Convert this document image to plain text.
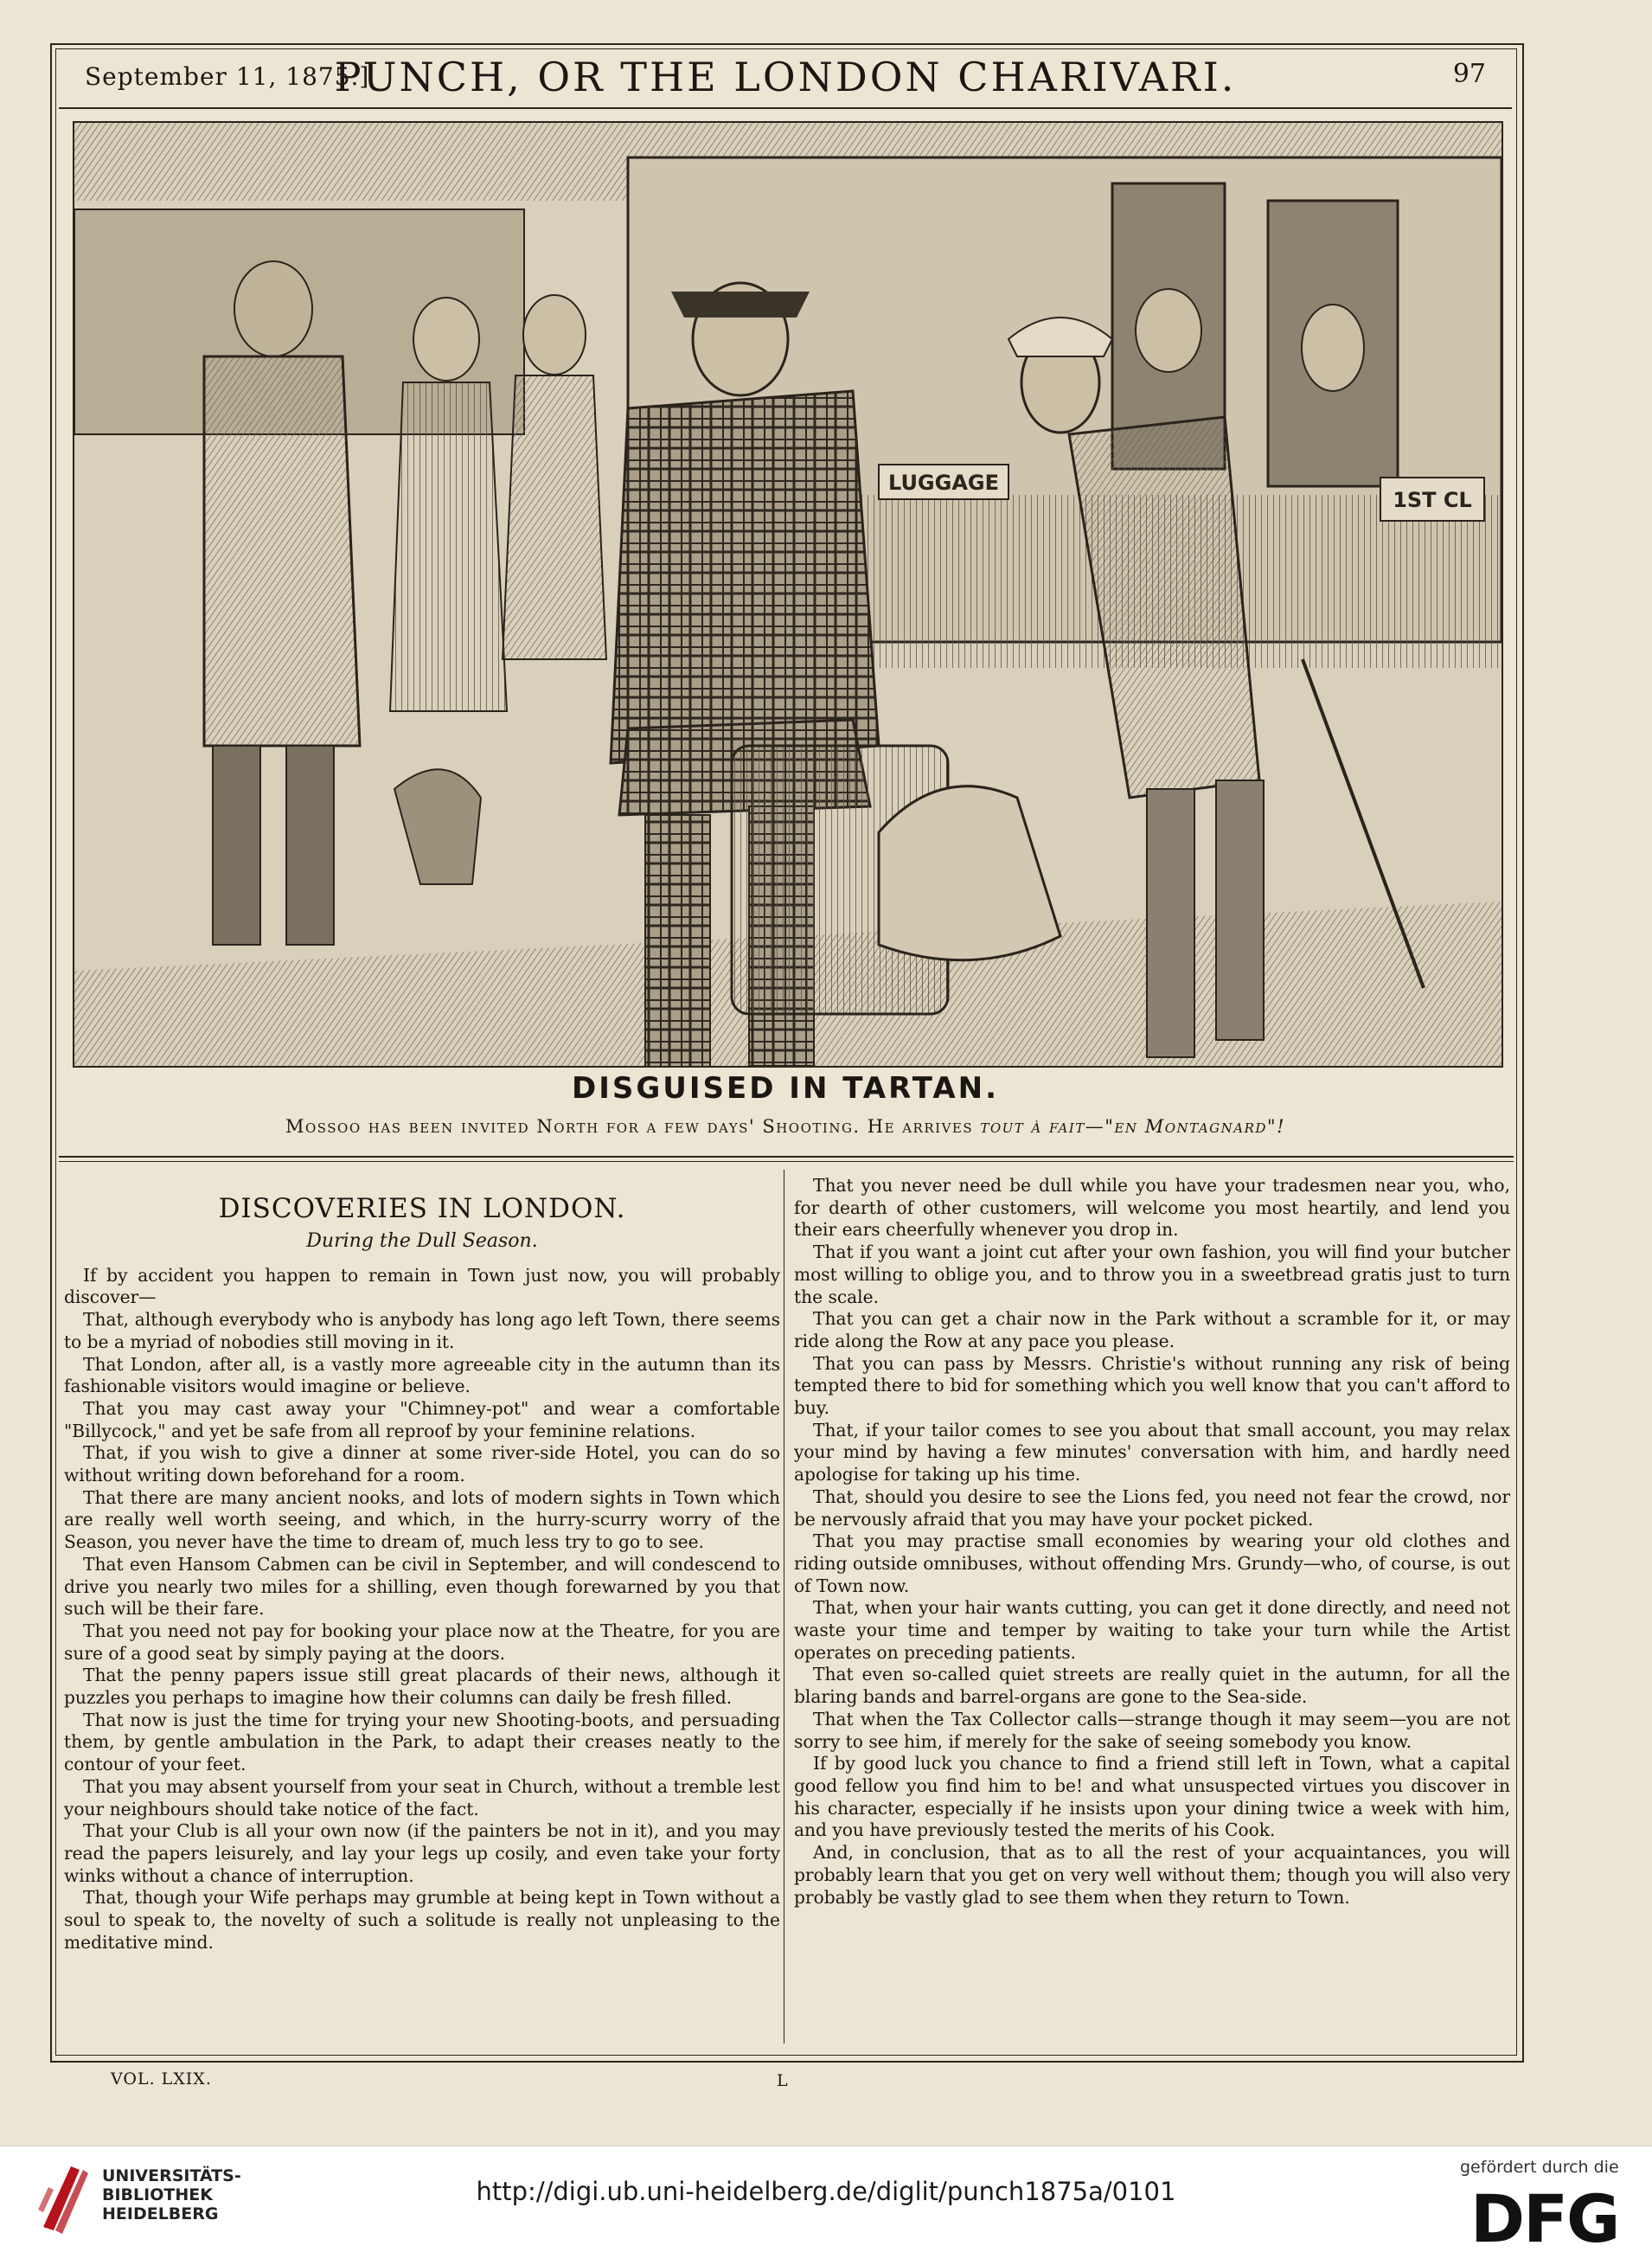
September 11, 1875.]
PUNCH, OR THE LONDON CHARIVARI.	97
LUGGAGE
1ST CL
DISGUISED IN TARTAN.
Mossoo has been invited North for a few days' Shooting. He arrives tout à fait—"en Montagnard"!
DISCOVERIES IN LONDON.
During the Dull Season.

If by accident you happen to remain in Town just now, you will probably discover—

That, although everybody who is anybody has long ago left Town, there seems to be a myriad of nobodies still moving in it.

That London, after all, is a vastly more agreeable city in the autumn than its fashionable visitors would imagine or believe.

That you may cast away your "Chimney-pot" and wear a comfortable "Billycock," and yet be safe from all reproof by your feminine relations.

That, if you wish to give a dinner at some river-side Hotel, you can do so without writing down beforehand for a room.

That there are many ancient nooks, and lots of modern sights in Town which are really well worth seeing, and which, in the hurry-scurry worry of the Season, you never have the time to dream of, much less try to go to see.

That even Hansom Cabmen can be civil in September, and will condescend to drive you nearly two miles for a shilling, even though forewarned by you that such will be their fare.

That you need not pay for booking your place now at the Theatre, for you are sure of a good seat by simply paying at the doors.

That the penny papers issue still great placards of their news, although it puzzles you perhaps to imagine how their columns can daily be fresh filled.

That now is just the time for trying your new Shooting-boots, and persuading them, by gentle ambulation in the Park, to adapt their creases neatly to the contour of your feet.

That you may absent yourself from your seat in Church, without a tremble lest your neighbours should take notice of the fact.

That your Club is all your own now (if the painters be not in it), and you may read the papers leisurely, and lay your legs up cosily, and even take your forty winks without a chance of interruption.

That, though your Wife perhaps may grumble at being kept in Town without a soul to speak to, the novelty of such a solitude is really not unpleasing to the meditative mind.

That you never need be dull while you have your tradesmen near you, who, for dearth of other customers, will welcome you most heartily, and lend you their ears cheerfully whenever you drop in.

That if you want a joint cut after your own fashion, you will find your butcher most willing to oblige you, and to throw you in a sweetbread gratis just to turn the scale.

That you can get a chair now in the Park without a scramble for it, or may ride along the Row at any pace you please.

That you can pass by Messrs. Christie's without running any risk of being tempted there to bid for something which you well know that you can't afford to buy.

That, if your tailor comes to see you about that small account, you may relax your mind by having a few minutes' conversation with him, and hardly need apologise for taking up his time.

That, should you desire to see the Lions fed, you need not fear the crowd, nor be nervously afraid that you may have your pocket picked.

That you may practise small economies by wearing your old clothes and riding outside omnibuses, without offending Mrs. Grundy—who, of course, is out of Town now.

That, when your hair wants cutting, you can get it done directly, and need not waste your time and temper by waiting to take your turn while the Artist operates on preceding patients.

That even so-called quiet streets are really quiet in the autumn, for all the blaring bands and barrel-organs are gone to the Sea-side.

That when the Tax Collector calls—strange though it may seem—you are not sorry to see him, if merely for the sake of seeing somebody you know.

If by good luck you chance to find a friend still left in Town, what a capital good fellow you find him to be! and what unsuspected virtues you discover in his character, especially if he insists upon your dining twice a week with him, and you have previously tested the merits of his Cook.

And, in conclusion, that as to all the rest of your acquaintances, you will probably learn that you get on very well without them; though you will also very probably be vastly glad to see them when they return to Town.

VOL. LXIX.	L
UNIVERSITÄTS-
BIBLIOTHEK
HEIDELBERG
http://digi.ub.uni-heidelberg.de/diglit/punch1875a/0101
gefördert durch die
DFG
